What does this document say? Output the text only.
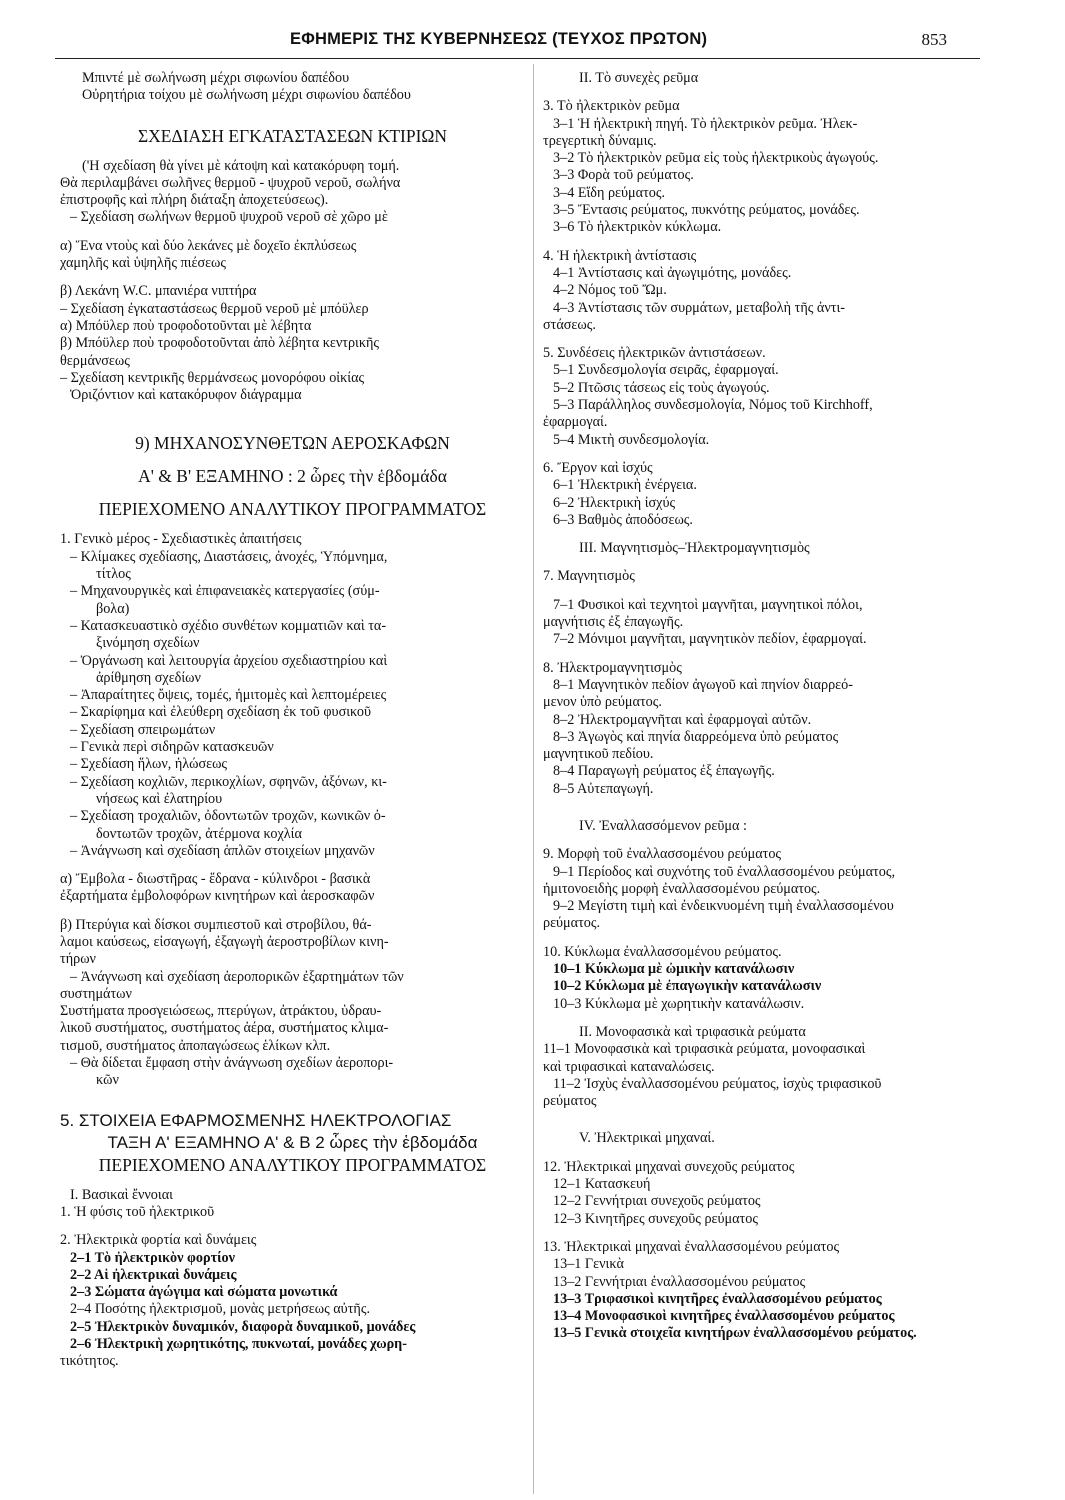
ΕΦΗΜΕΡΙΣ ΤΗΣ ΚΥΒΕΡΝΗΣΕΩΣ (ΤΕΥΧΟΣ ΠΡΩΤΟΝ)	853
Μπιντέ μὲ σωλήνωση μέχρι σιφωνίου δαπέδου
Οὐρητήρια τοίχου μὲ σωλήνωση μέχρι σιφωνίου δαπέδου
ΣΧΕΔΙΑΣΗ ΕΓΚΑΤΑΣΤΑΣΕΩΝ ΚΤΙΡΙΩΝ
('Η σχεδίαση θὰ γίνει μὲ κάτοψη καὶ κατακόρυφη τομή.
Θὰ περιλαμβάνει σωλῆνες θερμοῦ - ψυχροῦ νεροῦ, σωλήνα
ἐπιστροφῆς καὶ πλήρη διάταξη ἀποχετεύσεως).
– Σχεδίαση σωλήνων θερμοῦ ψυχροῦ νεροῦ σὲ χῶρο μὲ
α) Ἕνα ντοὺς καὶ δύο λεκάνες μὲ δοχεῖο ἐκπλύσεως
χαμηλῆς καὶ ὑψηλῆς πιέσεως
β) Λεκάνη W.C. μπανιέρα νιπτήρα
– Σχεδίαση ἐγκαταστάσεως θερμοῦ νεροῦ μὲ μπόϋλερ
α) Μπόϋλερ ποὺ τροφοδοτοῦνται μὲ λέβητα
β) Μπόϋλερ ποὺ τροφοδοτοῦνται ἀπὸ λέβητα κεντρικῆς
θερμάνσεως
– Σχεδίαση κεντρικῆς θερμάνσεως μονορόφου οἰκίας
Ὁριζόντιον καὶ κατακόρυφον διάγραμμα
9) ΜΗΧΑΝΟΣΥΝΘΕΤΩΝ ΑΕΡΟΣΚΑΦΩΝ
Α' & Β' ΕΞΑΜΗΝΟ : 2 ὧρες τὴν ἑβδομάδα
ΠΕΡΙΕΧΟΜΕΝΟ ΑΝΑΛΥΤΙΚΟΥ ΠΡΟΓΡΑΜΜΑΤΟΣ
1. Γενικὸ μέρος - Σχεδιαστικὲς ἀπαιτήσεις
– Κλίμακες σχεδίασης, Διαστάσεις, ἀνοχές, Ὑπόμνημα,
τίτλος
– Μηχανουργικὲς καὶ ἐπιφανειακὲς κατεργασίες (σύμ-
βολα)
– Κατασκευαστικὸ σχέδιο συνθέτων κομματιῶν καὶ τα-
ξινόμηση σχεδίων
– Ὀργάνωση καὶ λειτουργία ἀρχείου σχεδιαστηρίου καὶ
ἀρίθμηση σχεδίων
– Ἀπαραίτητες ὄψεις, τομές, ἡμιτομὲς καὶ λεπτομέρειες
– Σκαρίφημα καὶ ἐλεύθερη σχεδίαση ἐκ τοῦ φυσικοῦ
– Σχεδίαση σπειρωμάτων
– Γενικὰ περὶ σιδηρῶν κατασκευῶν
– Σχεδίαση ἥλων, ἡλώσεως
– Σχεδίαση κοχλιῶν, περικοχλίων, σφηνῶν, ἀξόνων, κι-
νήσεως καὶ ἐλατηρίου
– Σχεδίαση τροχαλιῶν, ὀδοντωτῶν τροχῶν, κωνικῶν ὀ-
δοντωτῶν τροχῶν, ἀτέρμονα κοχλία
– Ἀνάγνωση καὶ σχεδίαση ἁπλῶν στοιχείων μηχανῶν
α) Ἔμβολα - διωστῆρας - ἕδρανα - κύλινδροι - βασικὰ
ἐξαρτήματα ἐμβολοφόρων κινητήρων καὶ ἀεροσκαφῶν
β) Πτερύγια καὶ δίσκοι συμπιεστοῦ καὶ στροβίλου, θά-
λαμοι καύσεως, εἰσαγωγή, ἐξαγωγὴ ἀεροστροβίλων κινη-
τήρων
– Ἀνάγνωση καὶ σχεδίαση ἀεροπορικῶν ἐξαρτημάτων τῶν
συστημάτων
Συστήματα προσγειώσεως, πτερύγων, ἀτράκτου, ὑδραυ-
λικοῦ συστήματος, συστήματος ἀέρα, συστήματος κλιμα-
τισμοῦ, συστήματος ἀποπαγώσεως ἑλίκων κλπ.
– Θὰ δίδεται ἔμφαση στὴν ἀνάγνωση σχεδίων ἀεροπορι-
κῶν
5. ΣΤΟΙΧΕΙΑ ΕΦΑΡΜΟΣΜΕΝΗΣ ΗΛΕΚΤΡΟΛΟΓΙΑΣ
ΤΑΞΗ Α' ΕΞΑΜΗΝΟ Α' & Β 2 ὧρες τὴν ἑβδομάδα
ΠΕΡΙΕΧΟΜΕΝΟ ΑΝΑΛΥΤΙΚΟΥ ΠΡΟΓΡΑΜΜΑΤΟΣ
Ι. Βασικαὶ ἔννοιαι
1. Ἡ φύσις τοῦ ἠλεκτρικοῦ
2. Ἠλεκτρικὰ φορτία καὶ δυνάμεις
2–1 Τὸ ἠλεκτρικὸν φορτίον
2–2 Αἱ ἠλεκτρικαὶ δυνάμεις
2–3 Σώματα ἀγώγιμα καὶ σώματα μονωτικά
2–4 Ποσότης ἠλεκτρισμοῦ, μονὰς μετρήσεως αὐτῆς.
2–5 Ἠλεκτρικὸν δυναμικόν, διαφορὰ δυναμικοῦ, μονάδες
2–6 Ἠλεκτρικὴ χωρητικότης, πυκνωταί, μονάδες χωρη-
τικότητος.
ΙΙ. Τὸ συνεχὲς ρεῦμα
3. Τὸ ἠλεκτρικὸν ρεῦμα
3–1 Ἡ ἠλεκτρικὴ πηγή. Τὸ ἠλεκτρικὸν ρεῦμα. Ἠλεκ-
τρεγερτικὴ δύναμις.
3–2 Τὸ ἠλεκτρικὸν ρεῦμα εἰς τοὺς ἠλεκτρικοὺς ἀγωγούς.
3–3 Φορὰ τοῦ ρεύματος.
3–4 Εἴδη ρεύματος.
3–5 Ἔντασις ρεύματος, πυκνότης ρεύματος, μονάδες.
3–6 Τὸ ἠλεκτρικὸν κύκλωμα.
4. Ἡ ἠλεκτρικὴ ἀντίστασις
4–1 Ἀντίστασις καὶ ἀγωγιμότης, μονάδες.
4–2 Νόμος τοῦ Ὤμ.
4–3 Ἀντίστασις τῶν συρμάτων, μεταβολὴ τῆς ἀντι-
στάσεως.
5. Συνδέσεις ἠλεκτρικῶν ἀντιστάσεων.
5–1 Συνδεσμολογία σειρᾶς, ἐφαρμογαί.
5–2 Πτῶσις τάσεως εἰς τοὺς ἀγωγούς.
5–3 Παράλληλος συνδεσμολογία, Νόμος τοῦ Kirchhoff,
ἐφαρμογαί.
5–4 Μικτὴ συνδεσμολογία.
6. Ἔργον καὶ ἰσχύς
6–1 Ἠλεκτρικὴ ἐνέργεια.
6–2 Ἠλεκτρικὴ ἰσχύς
6–3 Βαθμὸς ἀποδόσεως.
ΙΙΙ. Μαγνητισμὸς–Ἠλεκτρομαγνητισμὸς
7. Μαγνητισμὸς
7–1 Φυσικοὶ καὶ τεχνητοὶ μαγνῆται, μαγνητικοὶ πόλοι,
μαγνήτισις ἐξ ἐπαγωγῆς.
7–2 Μόνιμοι μαγνῆται, μαγνητικὸν πεδίον, ἐφαρμογαί.
8. Ἠλεκτρομαγνητισμὸς
8–1 Μαγνητικὸν πεδίον ἀγωγοῦ καὶ πηνίον διαρρεό-
μενον ὑπὸ ρεύματος.
8–2 Ἠλεκτρομαγνῆται καὶ ἐφαρμογαὶ αὐτῶν.
8–3 Ἀγωγὸς καὶ πηνία διαρρεόμενα ὑπὸ ρεύματος
μαγνητικοῦ πεδίου.
8–4 Παραγωγὴ ρεύματος ἐξ ἐπαγωγῆς.
8–5 Αὐτεπαγωγή.
ΙV. Ἐναλλασσόμενον ρεῦμα :
9. Μορφὴ τοῦ ἐναλλασσομένου ρεύματος
9–1 Περίοδος καὶ συχνότης τοῦ ἐναλλασσομένου ρεύματος,
ἡμιτονοειδὴς μορφὴ ἐναλλασσομένου ρεύματος.
9–2 Μεγίστη τιμὴ καὶ ἐνδεικνυομένη τιμὴ ἐναλλασσομένου
ρεύματος.
10. Κύκλωμα ἐναλλασσομένου ρεύματος.
10–1 Κύκλωμα μὲ ὠμικὴν κατανάλωσιν
10–2 Κύκλωμα μὲ ἐπαγωγικὴν κατανάλωσιν
10–3 Κύκλωμα μὲ χωρητικὴν κατανάλωσιν.
ΙΙ. Μονοφασικὰ καὶ τριφασικὰ ρεύματα
11–1 Μονοφασικὰ καὶ τριφασικὰ ρεύματα, μονοφασικαὶ
καὶ τριφασικαὶ καταναλώσεις.
11–2 Ἰσχὺς ἐναλλασσομένου ρεύματος, ἰσχὺς τριφασικοῦ
ρεύματος
V. Ἠλεκτρικαὶ μηχαναί.
12. Ἠλεκτρικαὶ μηχαναὶ συνεχοῦς ρεύματος
12–1 Κατασκευή
12–2 Γεννήτριαι συνεχοῦς ρεύματος
12–3 Κινητῆρες συνεχοῦς ρεύματος
13. Ἠλεκτρικαὶ μηχαναὶ ἐναλλασσομένου ρεύματος
13–1 Γενικὰ
13–2 Γεννήτριαι ἐναλλασσομένου ρεύματος
13–3 Τριφασικοὶ κινητῆρες ἐναλλασσομένου ρεύματος
13–4 Μονοφασικοὶ κινητῆρες ἐναλλασσομένου ρεύματος
13–5 Γενικὰ στοιχεῖα κινητήρων ἐναλλασσομένου ρεύματος.
